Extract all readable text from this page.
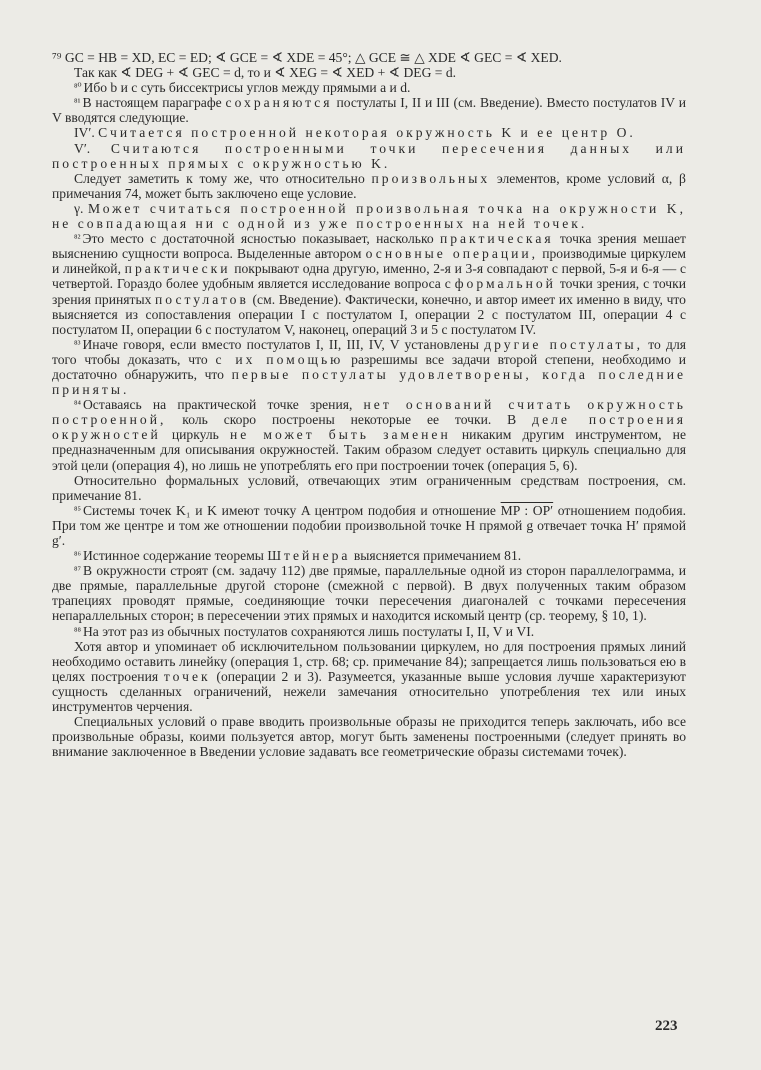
⁷⁹ GC = HB = XD, EC = ED; ∢ GCE = ∢ XDE = 45°; △ GCE ≅ △ XDE ∢ GEC = ∢ XED.

Так как ∢ DEG + ∢ GEC = d, то и ∢ XEG = ∢ XED + ∢ DEG = d.

⁸⁰ Ибо b и c суть биссектрисы углов между прямыми a и d.

⁸¹ В настоящем параграфе сохраняются постулаты I, II и III (см. Введение). Вместо постулатов IV и V вводятся следующие.

IV′. Считается построенной некоторая окружность K и ее центр O.

V′. Считаются построенными точки пересечения данных или построенных прямых с окружностью K.

Следует заметить к тому же, что относительно произвольных элементов, кроме условий α, β примечания 74, может быть заключено еще условие.

γ. Может считаться построенной произвольная точка на окружности K, не совпадающая ни с одной из уже построенных на ней точек.

⁸² Это место с достаточной ясностью показывает, насколько практическая точка зрения мешает выяснению сущности вопроса. Выделенные автором основные операции, производимые циркулем и линейкой, практически покрывают одна другую, именно, 2-я и 3-я совпадают с первой, 5-я и 6-я — с четвертой. Гораздо более удобным является исследование вопроса с формальной точки зрения, с точки зрения принятых постулатов (см. Введение). Фактически, конечно, и автор имеет их именно в виду, что выясняется из сопоставления операции I с постулатом I, операции 2 с постулатом III, операции 4 с постулатом II, операции 6 с постулатом V, наконец, операций 3 и 5 с постулатом IV.

⁸³ Иначе говоря, если вместо постулатов I, II, III, IV, V установлены другие постулаты, то для того чтобы доказать, что с их помощью разрешимы все задачи второй степени, необходимо и достаточно обнаружить, что первые постулаты удовлетворены, когда последние приняты.

⁸⁴ Оставаясь на практической точке зрения, нет оснований считать окружность построенной, коль скоро построены некоторые ее точки. В деле построения окружностей циркуль не может быть заменен никаким другим инструментом, не предназначенным для описывания окружностей. Таким образом следует оставить циркуль специально для этой цели (операция 4), но лишь не употреблять его при построении точек (операция 5, 6).

Относительно формальных условий, отвечающих этим ограниченным средствам построения, см. примечание 81.

⁸⁵ Системы точек K₁ и K имеют точку A центром подобия и отношение MP : OP′ отношением подобия. При том же центре и том же отношении подобии произвольной точке H прямой g отвечает точка H′ прямой g′.

⁸⁶ Истинное содержание теоремы Штейнера выясняется примечанием 81.

⁸⁷ В окружности строят (см. задачу 112) две прямые, параллельные одной из сторон параллелограмма, и две прямые, параллельные другой стороне (смежной с первой). В двух полученных таким образом трапециях проводят прямые, соединяющие точки пересечения диагоналей с точками пересечения непараллельных сторон; в пересечении этих прямых и находится искомый центр (ср. теорему, § 10, 1).

⁸⁸ На этот раз из обычных постулатов сохраняются лишь постулаты I, II, V и VI.

Хотя автор и упоминает об исключительном пользовании циркулем, но для построения прямых линий необходимо оставить линейку (операция 1, стр. 68; ср. примечание 84); запрещается лишь пользоваться ею в целях построения точек (операции 2 и 3). Разумеется, указанные выше условия лучше характеризуют сущность сделанных ограничений, нежели замечания относительно употребления тех или иных инструментов черчения.

Специальных условий о праве вводить произвольные образы не приходится теперь заключать, ибо все произвольные образы, коими пользуется автор, могут быть заменены построенными (следует принять во внимание заключенное в Введении условие задавать все геометрические образы системами точек).

223
